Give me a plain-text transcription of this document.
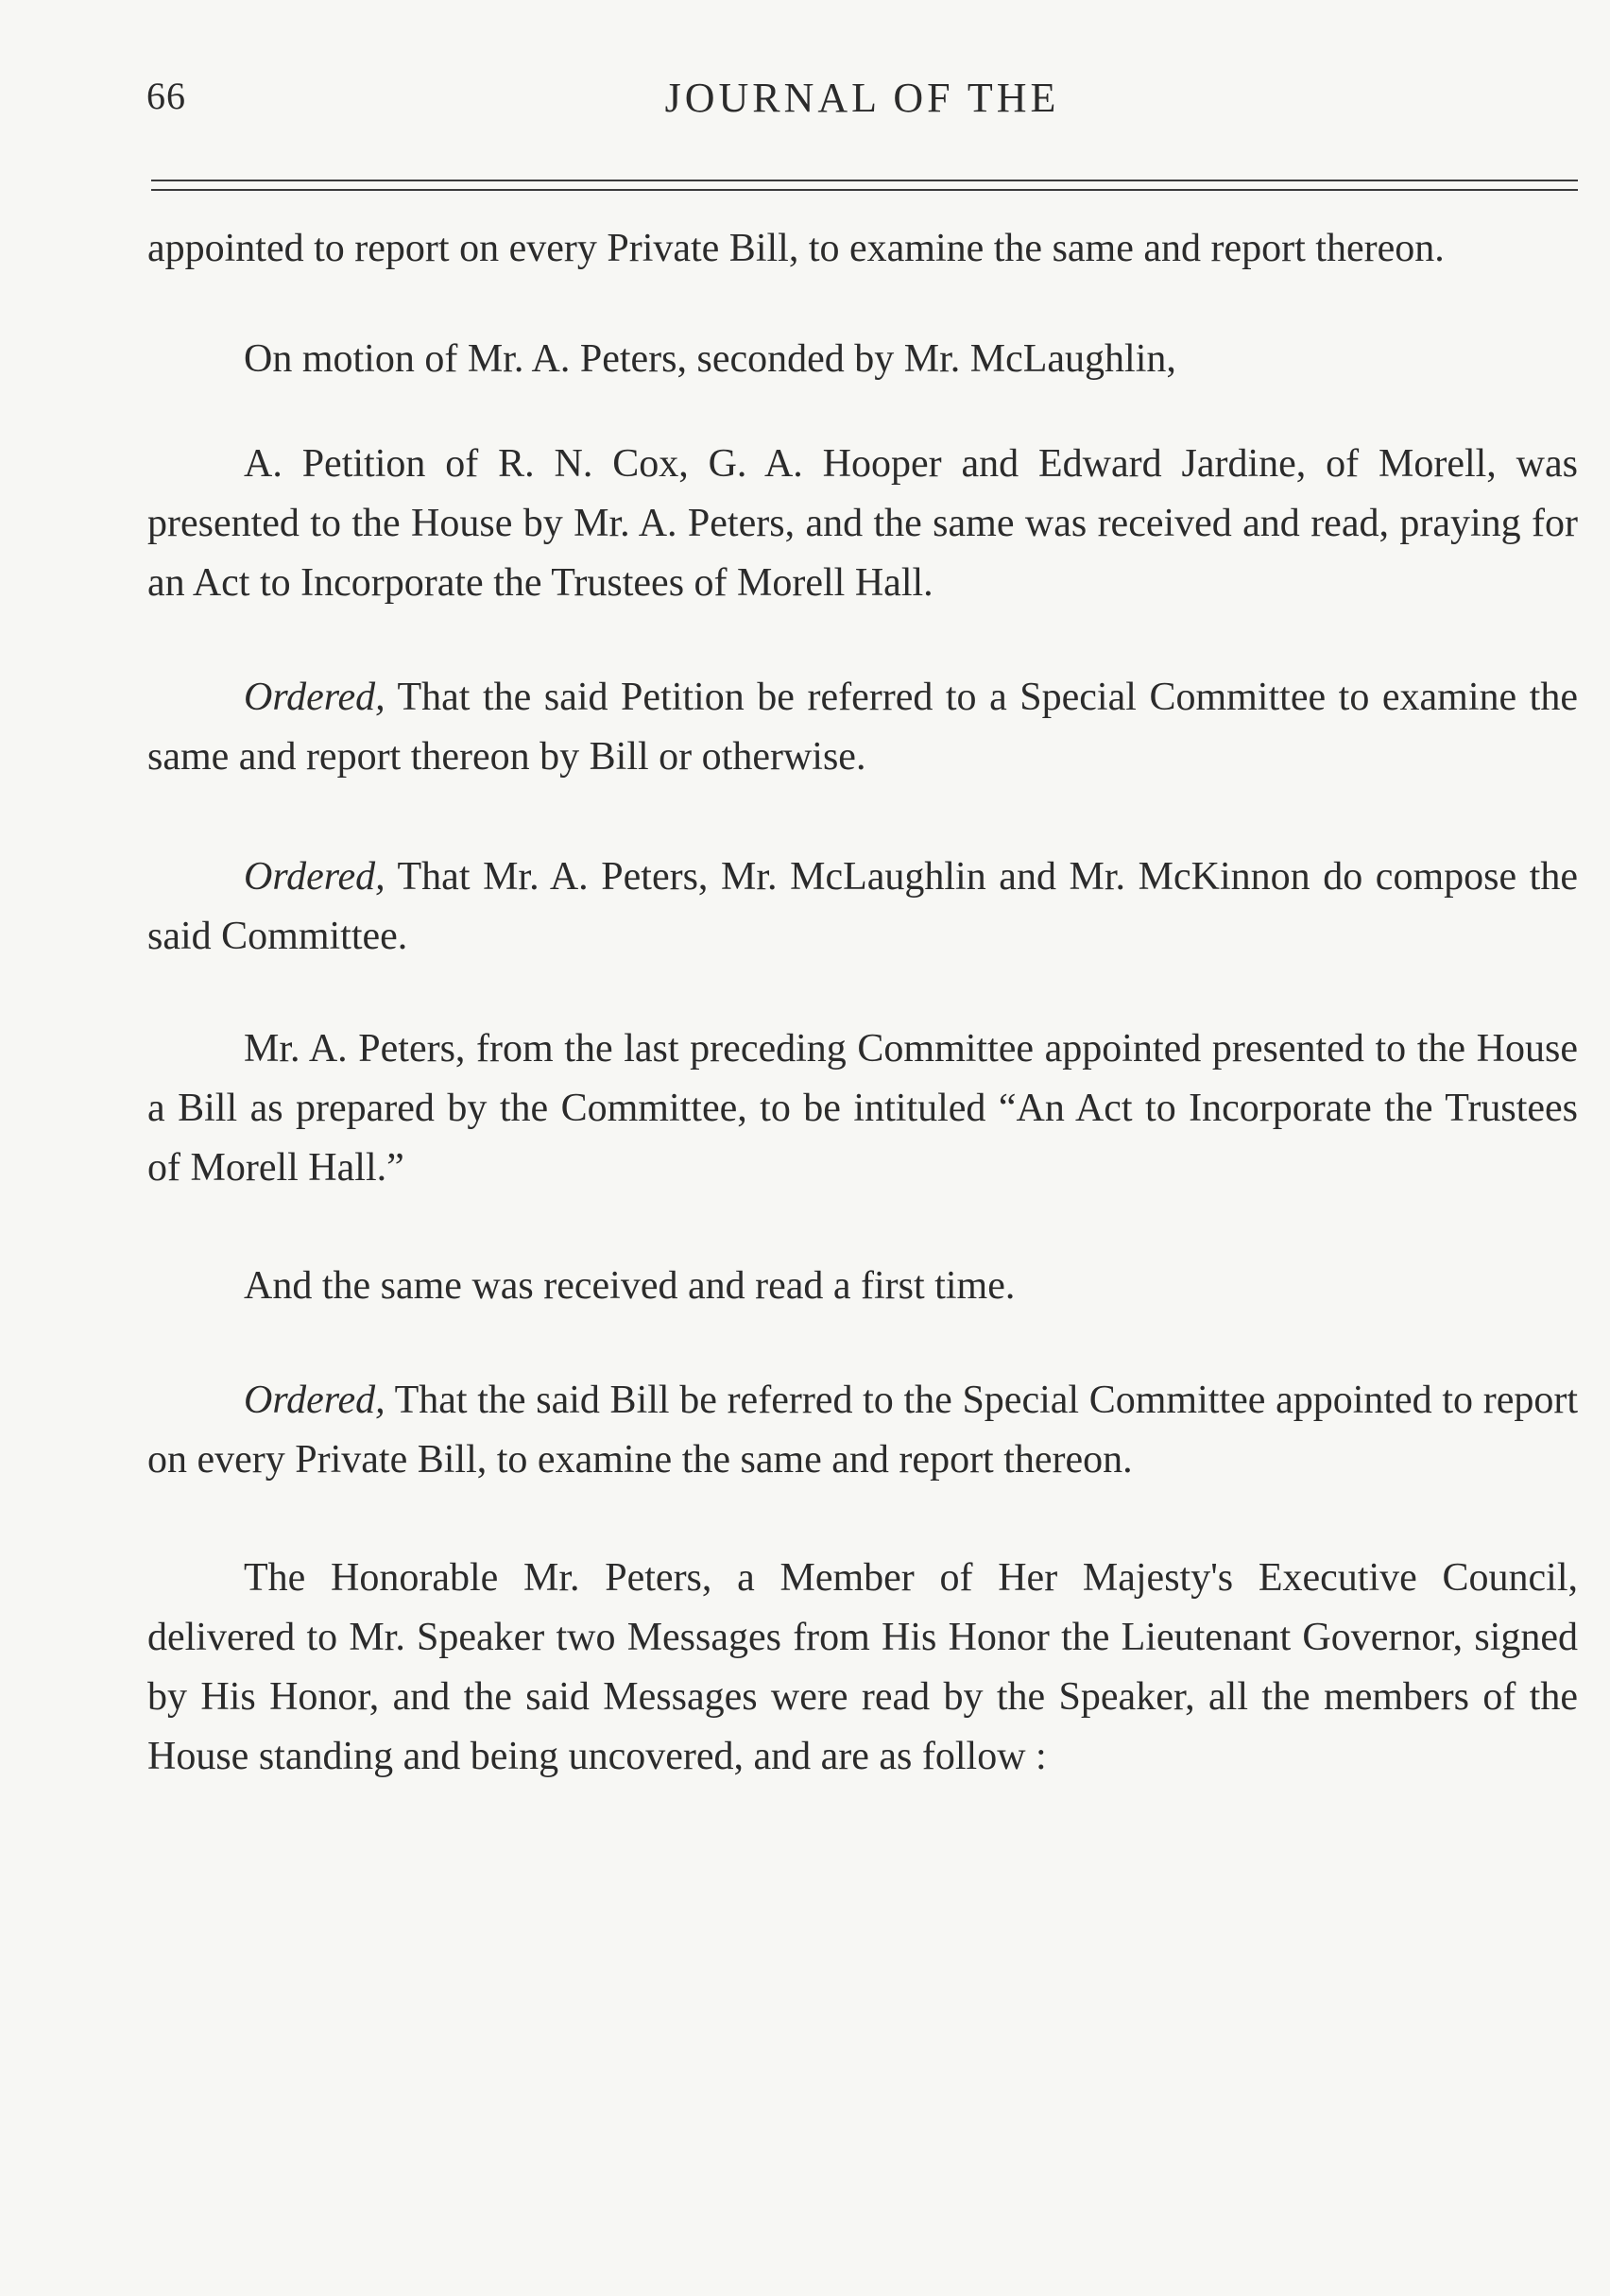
66	JOURNAL OF THE

appointed to report on every Private Bill, to examine the same and report thereon.

On motion of Mr. A. Peters, seconded by Mr. McLaughlin,

A. Petition of R. N. Cox, G. A. Hooper and Edward Jardine, of Morell, was presented to the House by Mr. A. Peters, and the same was received and read, praying for an Act to Incorporate the Trustees of Morell Hall.

Ordered, That the said Petition be referred to a Special Committee to examine the same and report thereon by Bill or otherwise.

Ordered, That Mr. A. Peters, Mr. McLaughlin and Mr. McKinnon do compose the said Committee.

Mr. A. Peters, from the last preceding Committee appointed presented to the House a Bill as prepared by the Committee, to be intituled “An Act to Incorporate the Trustees of Morell Hall.”

And the same was received and read a first time.

Ordered, That the said Bill be referred to the Special Committee appointed to report on every Private Bill, to examine the same and report thereon.

The Honorable Mr. Peters, a Member of Her Majesty's Executive Council, delivered to Mr. Speaker two Messages from His Honor the Lieutenant Governor, signed by His Honor, and the said Messages were read by the Speaker, all the members of the House standing and being uncovered, and are as follow :
